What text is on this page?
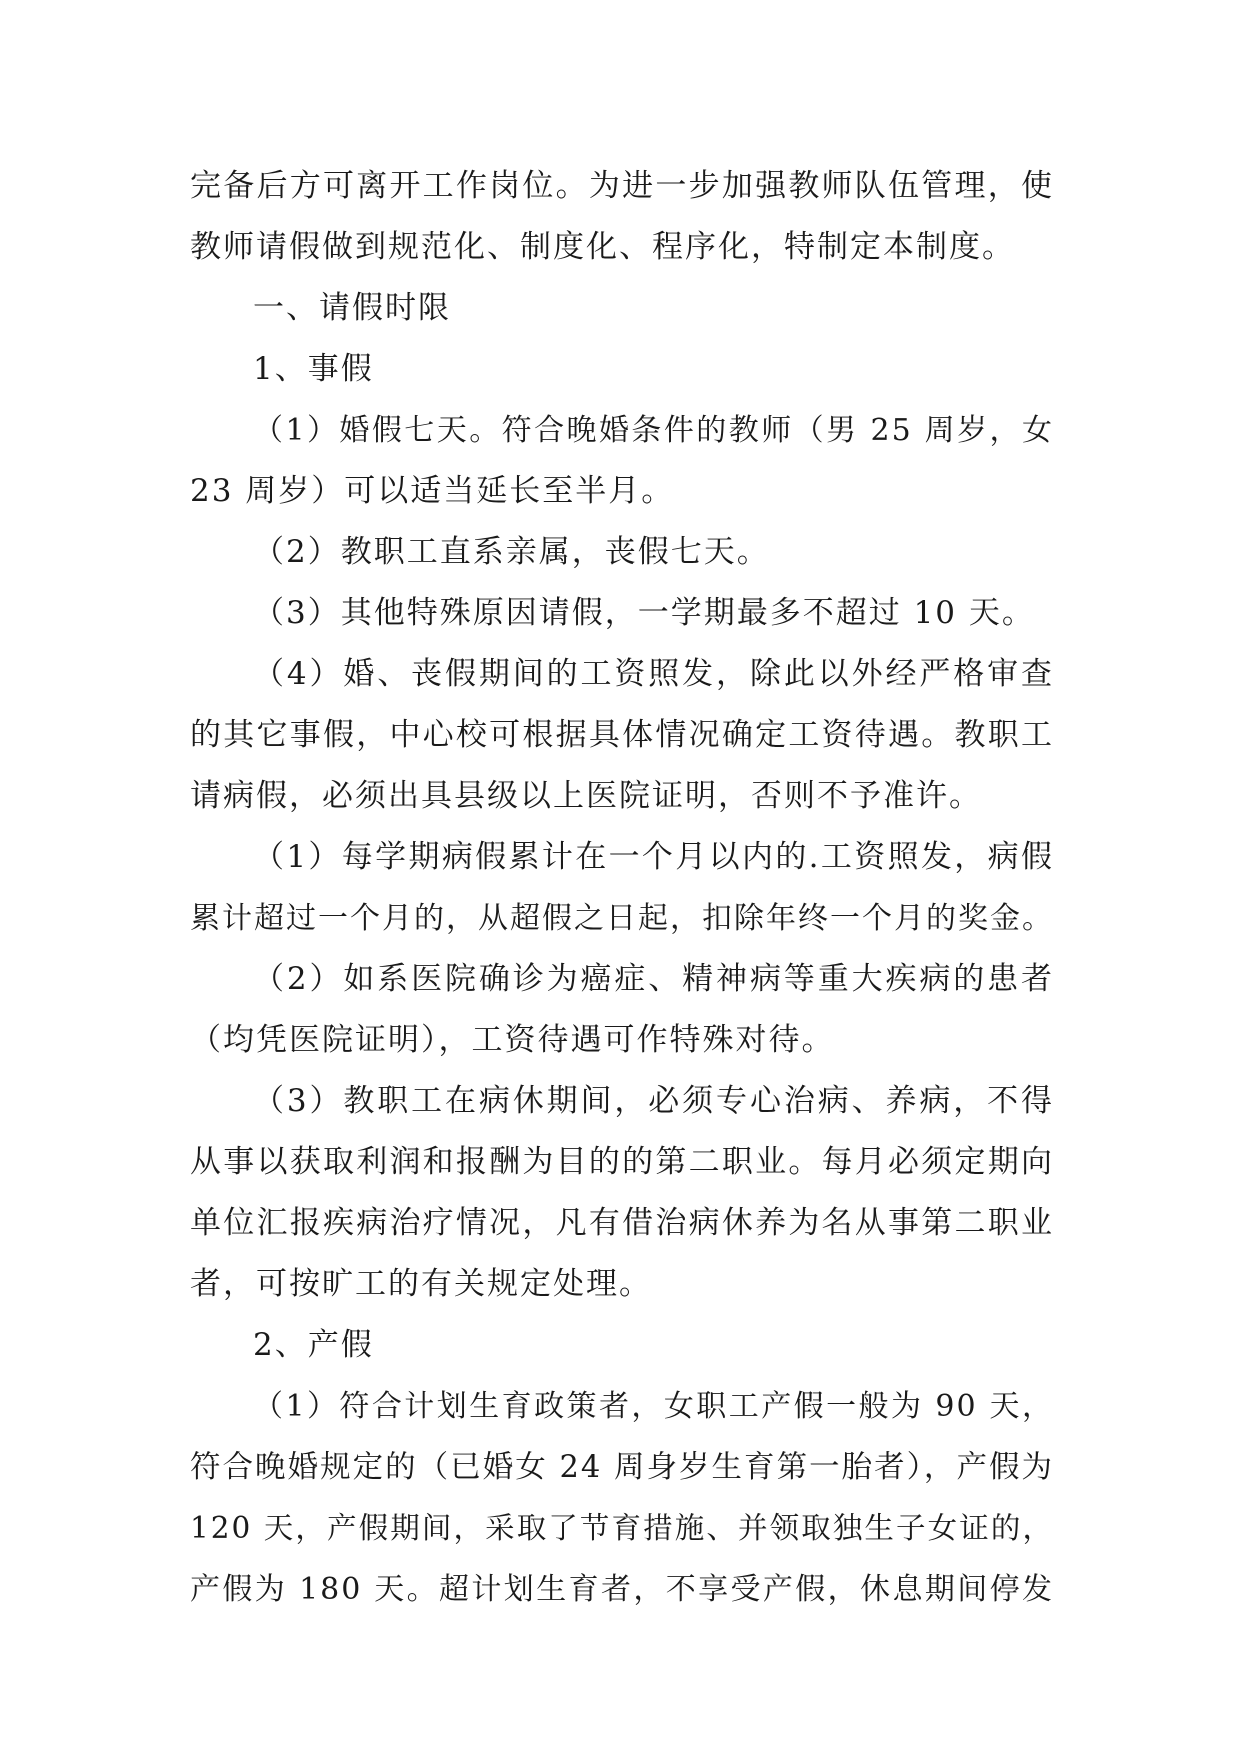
完备后方可离开工作岗位。为进一步加强教师队伍管理，使
教师请假做到规范化、制度化、程序化，特制定本制度。
一、请假时限
1、事假
（1）婚假七天。符合晚婚条件的教师（男 25 周岁，女
23 周岁）可以适当延长至半月。
（2）教职工直系亲属，丧假七天。
（3）其他特殊原因请假，一学期最多不超过 10 天。
（4）婚、丧假期间的工资照发，除此以外经严格审查
的其它事假，中心校可根据具体情况确定工资待遇。教职工
请病假，必须出具县级以上医院证明，否则不予准许。
（1）每学期病假累计在一个月以内的.工资照发，病假
累计超过一个月的，从超假之日起，扣除年终一个月的奖金。
（2）如系医院确诊为癌症、精神病等重大疾病的患者
（均凭医院证明），工资待遇可作特殊对待。
（3）教职工在病休期间，必须专心治病、养病，不得
从事以获取利润和报酬为目的的第二职业。每月必须定期向
单位汇报疾病治疗情况，凡有借治病休养为名从事第二职业
者，可按旷工的有关规定处理。
2、产假
（1）符合计划生育政策者，女职工产假一般为 90 天，
符合晚婚规定的（已婚女 24 周身岁生育第一胎者），产假为
120 天，产假期间，采取了节育措施、并领取独生子女证的，
产假为 180 天。超计划生育者，不享受产假，休息期间停发
